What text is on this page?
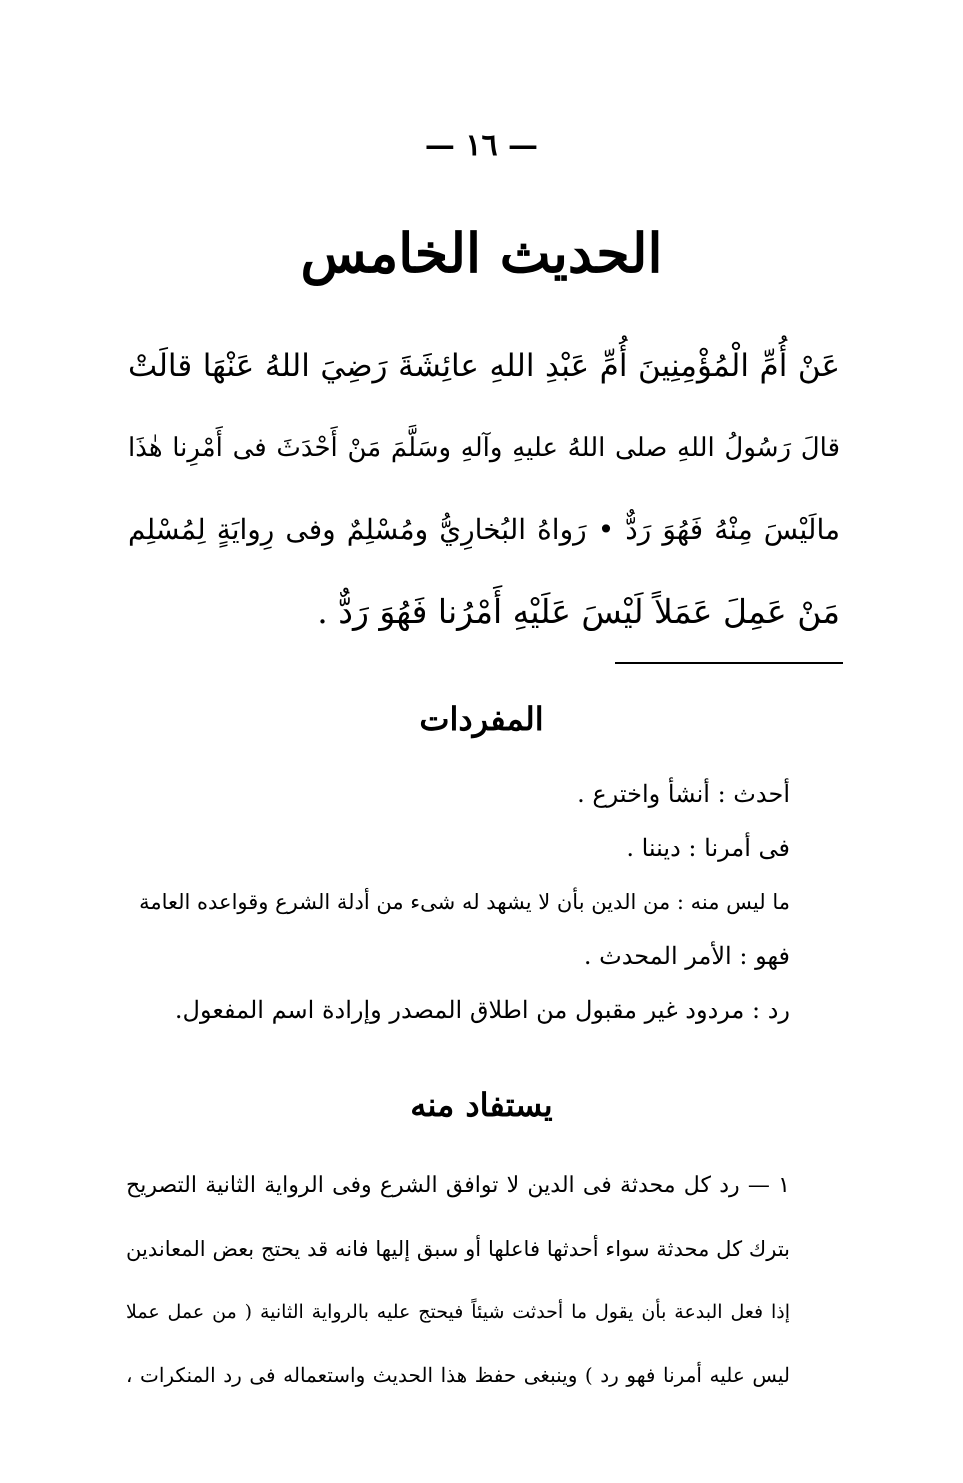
— ١٦ —
الحديث الخامس
عَنْ أُمِّ الْمُؤْمِنِينَ أُمِّ عَبْدِ اللهِ عائِشَةَ رَضِيَ اللهُ عَنْهَا قالَتْ
قالَ رَسُولُ اللهِ صلى اللهُ عليهِ وآلهِ وسَلَّمَ مَنْ أَحْدَثَ فى أَمْرِنا هٰذَا
مالَيْسَ مِنْهُ فَهُوَ رَدٌّ • رَواهُ البُخارِيُّ ومُسْلِمٌ وفى رِوايَةٍ لِمُسْلِم
مَنْ عَمِلَ عَمَلاً لَيْسَ عَلَيْهِ أَمْرُنا فَهُوَ رَدٌّ .
المفردات
أحدث : أنشأ واخترع .
فى أمرنا : ديننا .
ما ليس منه : من الدين بأن لا يشهد له شىء من أدلة الشرع وقواعده العامة
فهو : الأمر المحدث .
رد : مردود غير مقبول من اطلاق المصدر وإرادة اسم المفعول.
يستفاد منه
١ — رد كل محدثة فى الدين لا توافق الشرع وفى الرواية الثانية التصريح
بترك كل محدثة سواء أحدثها فاعلها أو سبق إليها فانه قد يحتج بعض المعاندين
إذا فعل البدعة بأن يقول ما أحدثت شيئاً فيحتج عليه بالرواية الثانية ( من عمل عملا
ليس عليه أمرنا فهو رد ) وينبغى حفظ هذا الحديث واستعماله فى رد المنكرات ،
